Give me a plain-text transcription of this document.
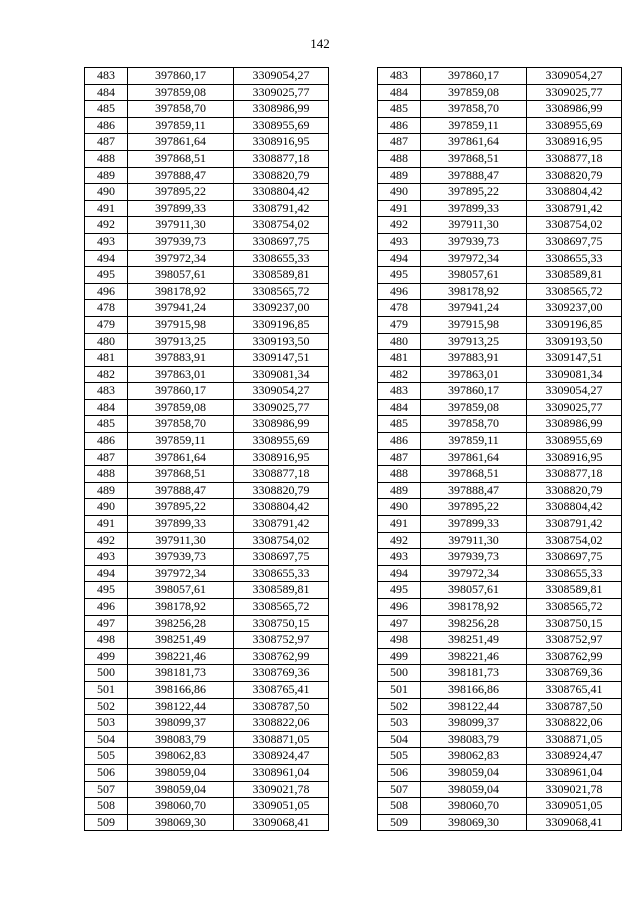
142
483	397860,17	3309054,27
484	397859,08	3309025,77
485	397858,70	3308986,99
486	397859,11	3308955,69
487	397861,64	3308916,95
488	397868,51	3308877,18
489	397888,47	3308820,79
490	397895,22	3308804,42
491	397899,33	3308791,42
492	397911,30	3308754,02
493	397939,73	3308697,75
494	397972,34	3308655,33
495	398057,61	3308589,81
496	398178,92	3308565,72
478	397941,24	3309237,00
479	397915,98	3309196,85
480	397913,25	3309193,50
481	397883,91	3309147,51
482	397863,01	3309081,34
483	397860,17	3309054,27
484	397859,08	3309025,77
485	397858,70	3308986,99
486	397859,11	3308955,69
487	397861,64	3308916,95
488	397868,51	3308877,18
489	397888,47	3308820,79
490	397895,22	3308804,42
491	397899,33	3308791,42
492	397911,30	3308754,02
493	397939,73	3308697,75
494	397972,34	3308655,33
495	398057,61	3308589,81
496	398178,92	3308565,72
497	398256,28	3308750,15
498	398251,49	3308752,97
499	398221,46	3308762,99
500	398181,73	3308769,36
501	398166,86	3308765,41
502	398122,44	3308787,50
503	398099,37	3308822,06
504	398083,79	3308871,05
505	398062,83	3308924,47
506	398059,04	3308961,04
507	398059,04	3309021,78
508	398060,70	3309051,05
509	398069,30	3309068,41
483	397860,17	3309054,27
484	397859,08	3309025,77
485	397858,70	3308986,99
486	397859,11	3308955,69
487	397861,64	3308916,95
488	397868,51	3308877,18
489	397888,47	3308820,79
490	397895,22	3308804,42
491	397899,33	3308791,42
492	397911,30	3308754,02
493	397939,73	3308697,75
494	397972,34	3308655,33
495	398057,61	3308589,81
496	398178,92	3308565,72
478	397941,24	3309237,00
479	397915,98	3309196,85
480	397913,25	3309193,50
481	397883,91	3309147,51
482	397863,01	3309081,34
483	397860,17	3309054,27
484	397859,08	3309025,77
485	397858,70	3308986,99
486	397859,11	3308955,69
487	397861,64	3308916,95
488	397868,51	3308877,18
489	397888,47	3308820,79
490	397895,22	3308804,42
491	397899,33	3308791,42
492	397911,30	3308754,02
493	397939,73	3308697,75
494	397972,34	3308655,33
495	398057,61	3308589,81
496	398178,92	3308565,72
497	398256,28	3308750,15
498	398251,49	3308752,97
499	398221,46	3308762,99
500	398181,73	3308769,36
501	398166,86	3308765,41
502	398122,44	3308787,50
503	398099,37	3308822,06
504	398083,79	3308871,05
505	398062,83	3308924,47
506	398059,04	3308961,04
507	398059,04	3309021,78
508	398060,70	3309051,05
509	398069,30	3309068,41
